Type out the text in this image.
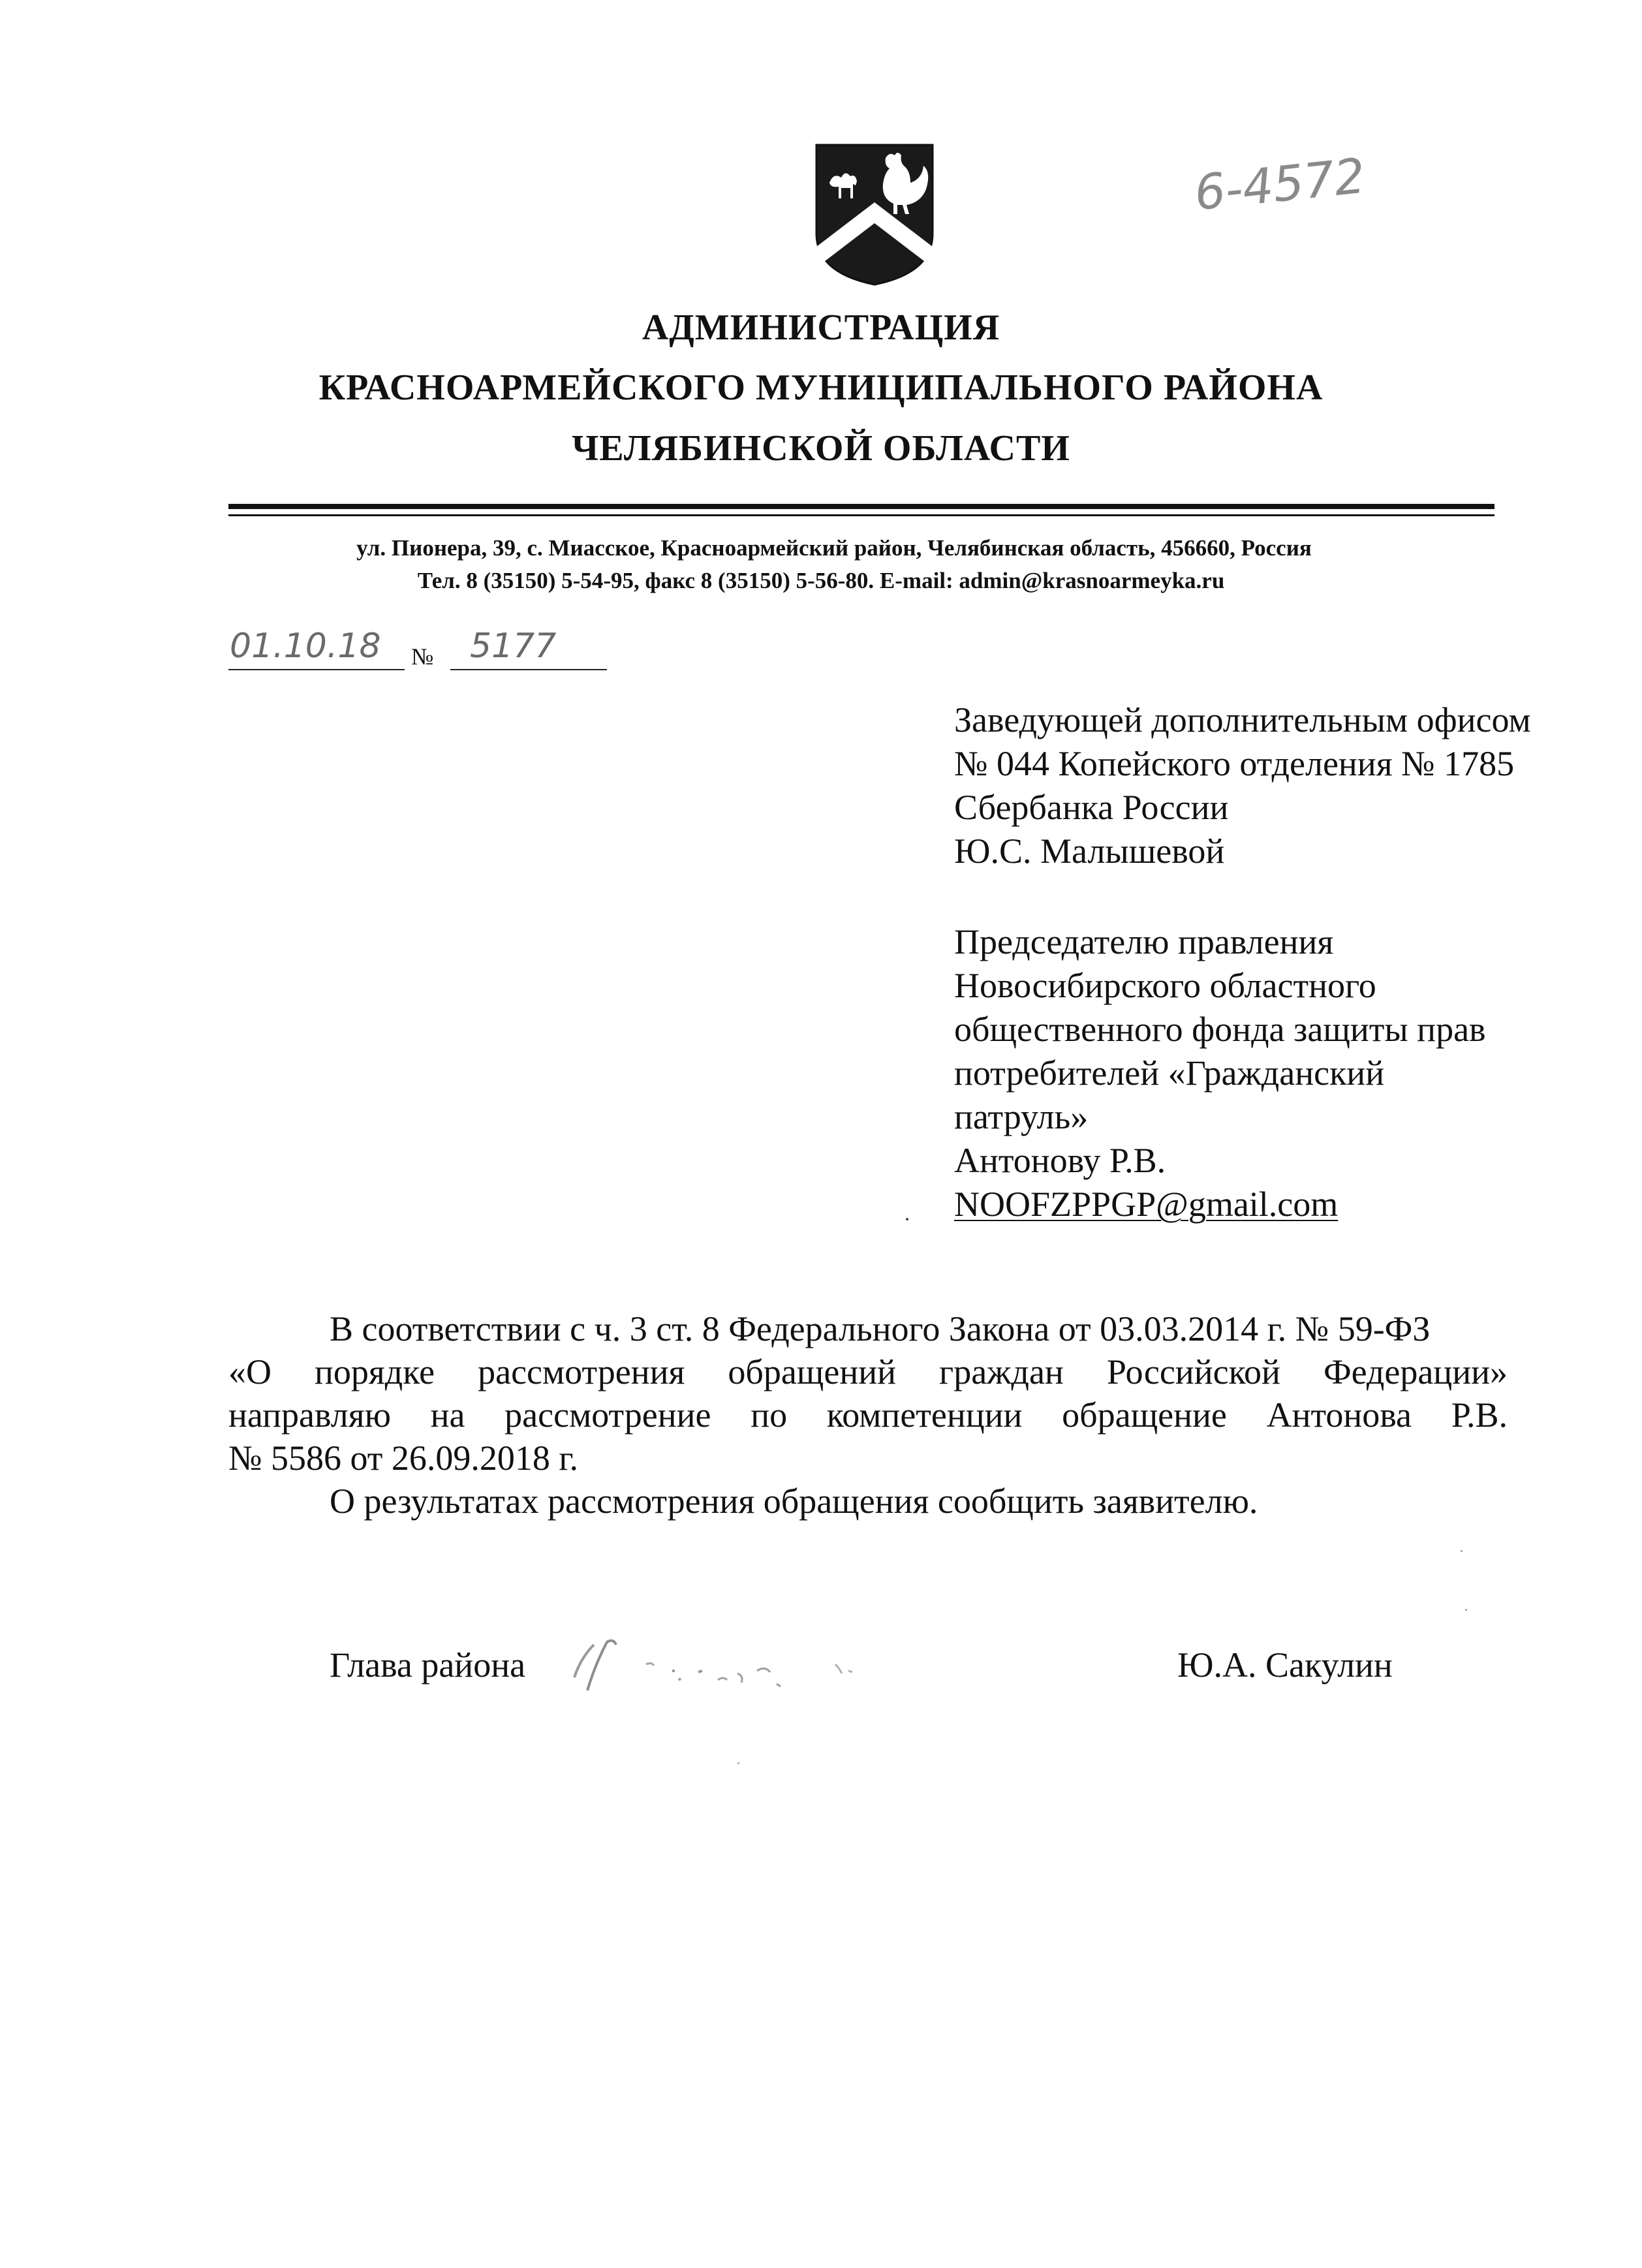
6-4572
АДМИНИСТРАЦИЯ
КРАСНОАРМЕЙСКОГО МУНИЦИПАЛЬНОГО РАЙОНА
ЧЕЛЯБИНСКОЙ ОБЛАСТИ
ул. Пионера, 39, с. Миасское, Красноармейский район, Челябинская область, 456660, Россия
Тел. 8 (35150) 5-54-95, факс 8 (35150) 5-56-80. E-mail: admin@krasnoarmeyka.ru
01.10.18 № 5177
Заведующей дополнительным офисом
№ 044 Копейского отделения № 1785
Сбербанка России
Ю.С. Малышевой
Председателю правления
Новосибирского областного
общественного фонда защиты прав
потребителей «Гражданский
патруль»
Антонову Р.В.
NOOFZPPGP@gmail.com
В соответствии с ч. 3 ст. 8 Федерального Закона от 03.03.2014 г. № 59-ФЗ
«О порядке рассмотрения обращений граждан Российской Федерации»
направляю на рассмотрение по компетенции обращение Антонова Р.В.
№ 5586 от 26.09.2018 г.
О результатах рассмотрения обращения сообщить заявителю.
Глава района	Ю.А. Сакулин
